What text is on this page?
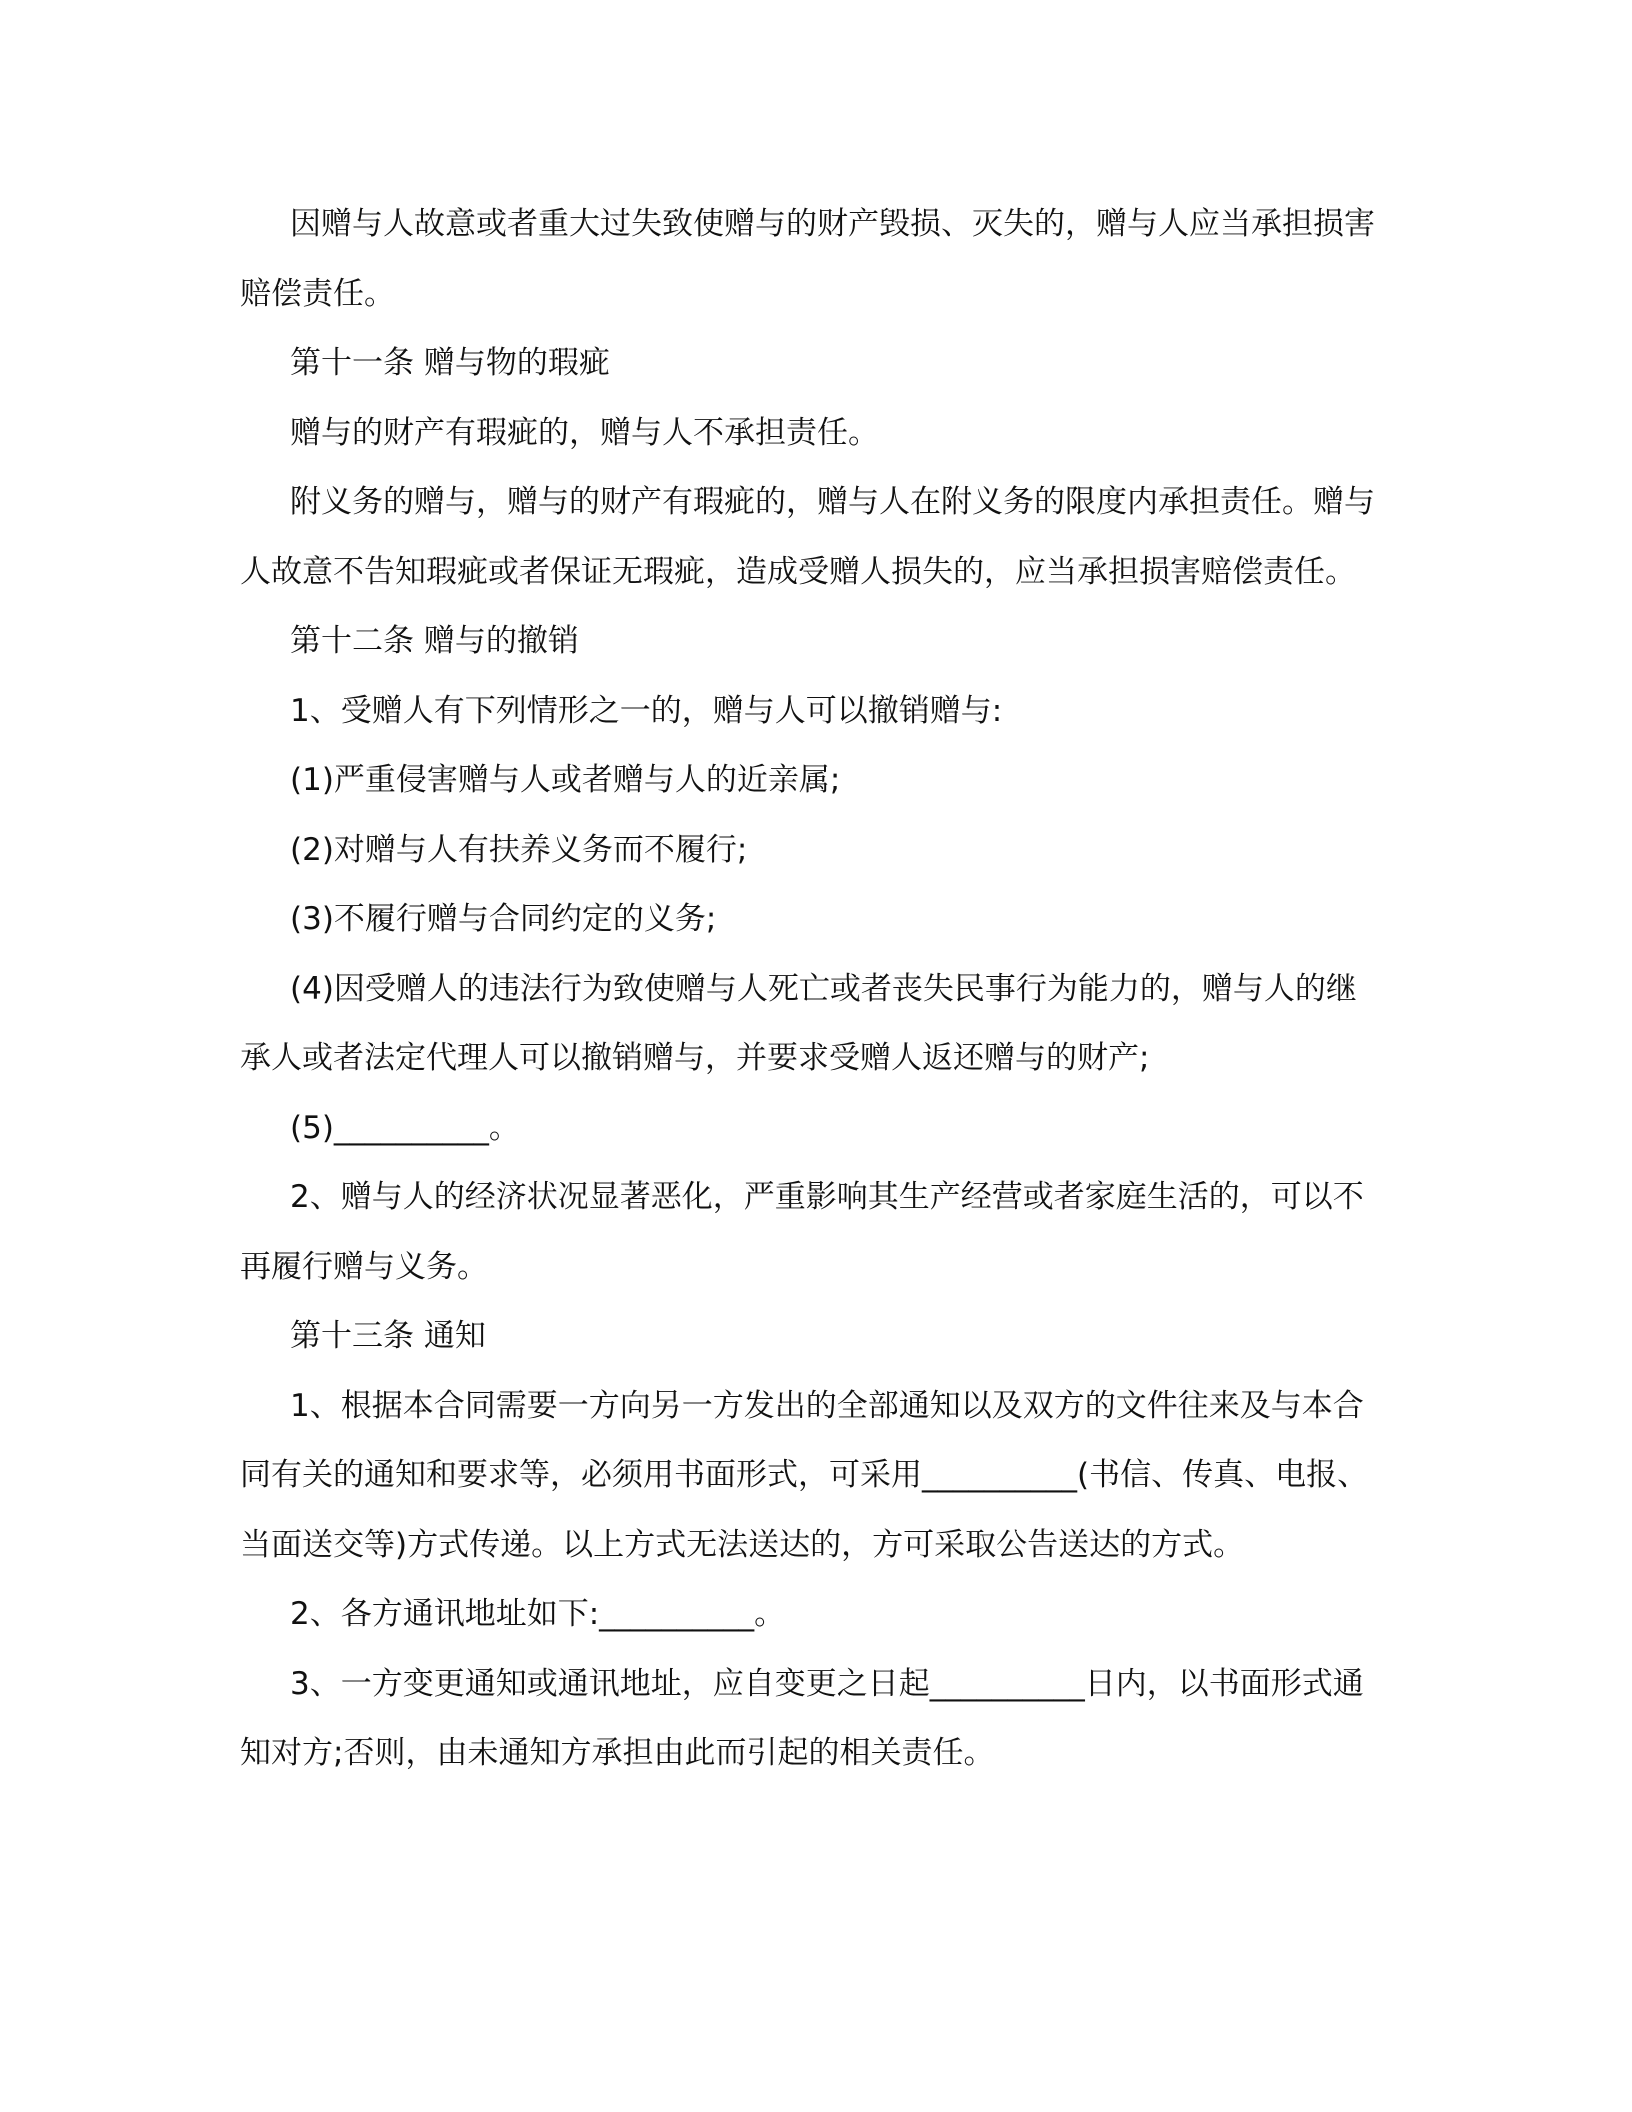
因赠与人故意或者重大过失致使赠与的财产毁损、灭失的，赠与人应当承担损害赔偿责任。

第十一条 赠与物的瑕疵

赠与的财产有瑕疵的，赠与人不承担责任。

附义务的赠与，赠与的财产有瑕疵的，赠与人在附义务的限度内承担责任。赠与人故意不告知瑕疵或者保证无瑕疵，造成受赠人损失的，应当承担损害赔偿责任。

第十二条 赠与的撤销

1、受赠人有下列情形之一的，赠与人可以撤销赠与:

(1)严重侵害赠与人或者赠与人的近亲属;

(2)对赠与人有扶养义务而不履行;

(3)不履行赠与合同约定的义务;

(4)因受赠人的违法行为致使赠与人死亡或者丧失民事行为能力的，赠与人的继承人或者法定代理人可以撤销赠与，并要求受赠人返还赠与的财产;

(5)__________。

2、赠与人的经济状况显著恶化，严重影响其生产经营或者家庭生活的，可以不再履行赠与义务。

第十三条 通知

1、根据本合同需要一方向另一方发出的全部通知以及双方的文件往来及与本合同有关的通知和要求等，必须用书面形式，可采用__________(书信、传真、电报、当面送交等)方式传递。以上方式无法送达的，方可采取公告送达的方式。

2、各方通讯地址如下:__________。

3、一方变更通知或通讯地址，应自变更之日起__________日内，以书面形式通知对方;否则，由未通知方承担由此而引起的相关责任。
